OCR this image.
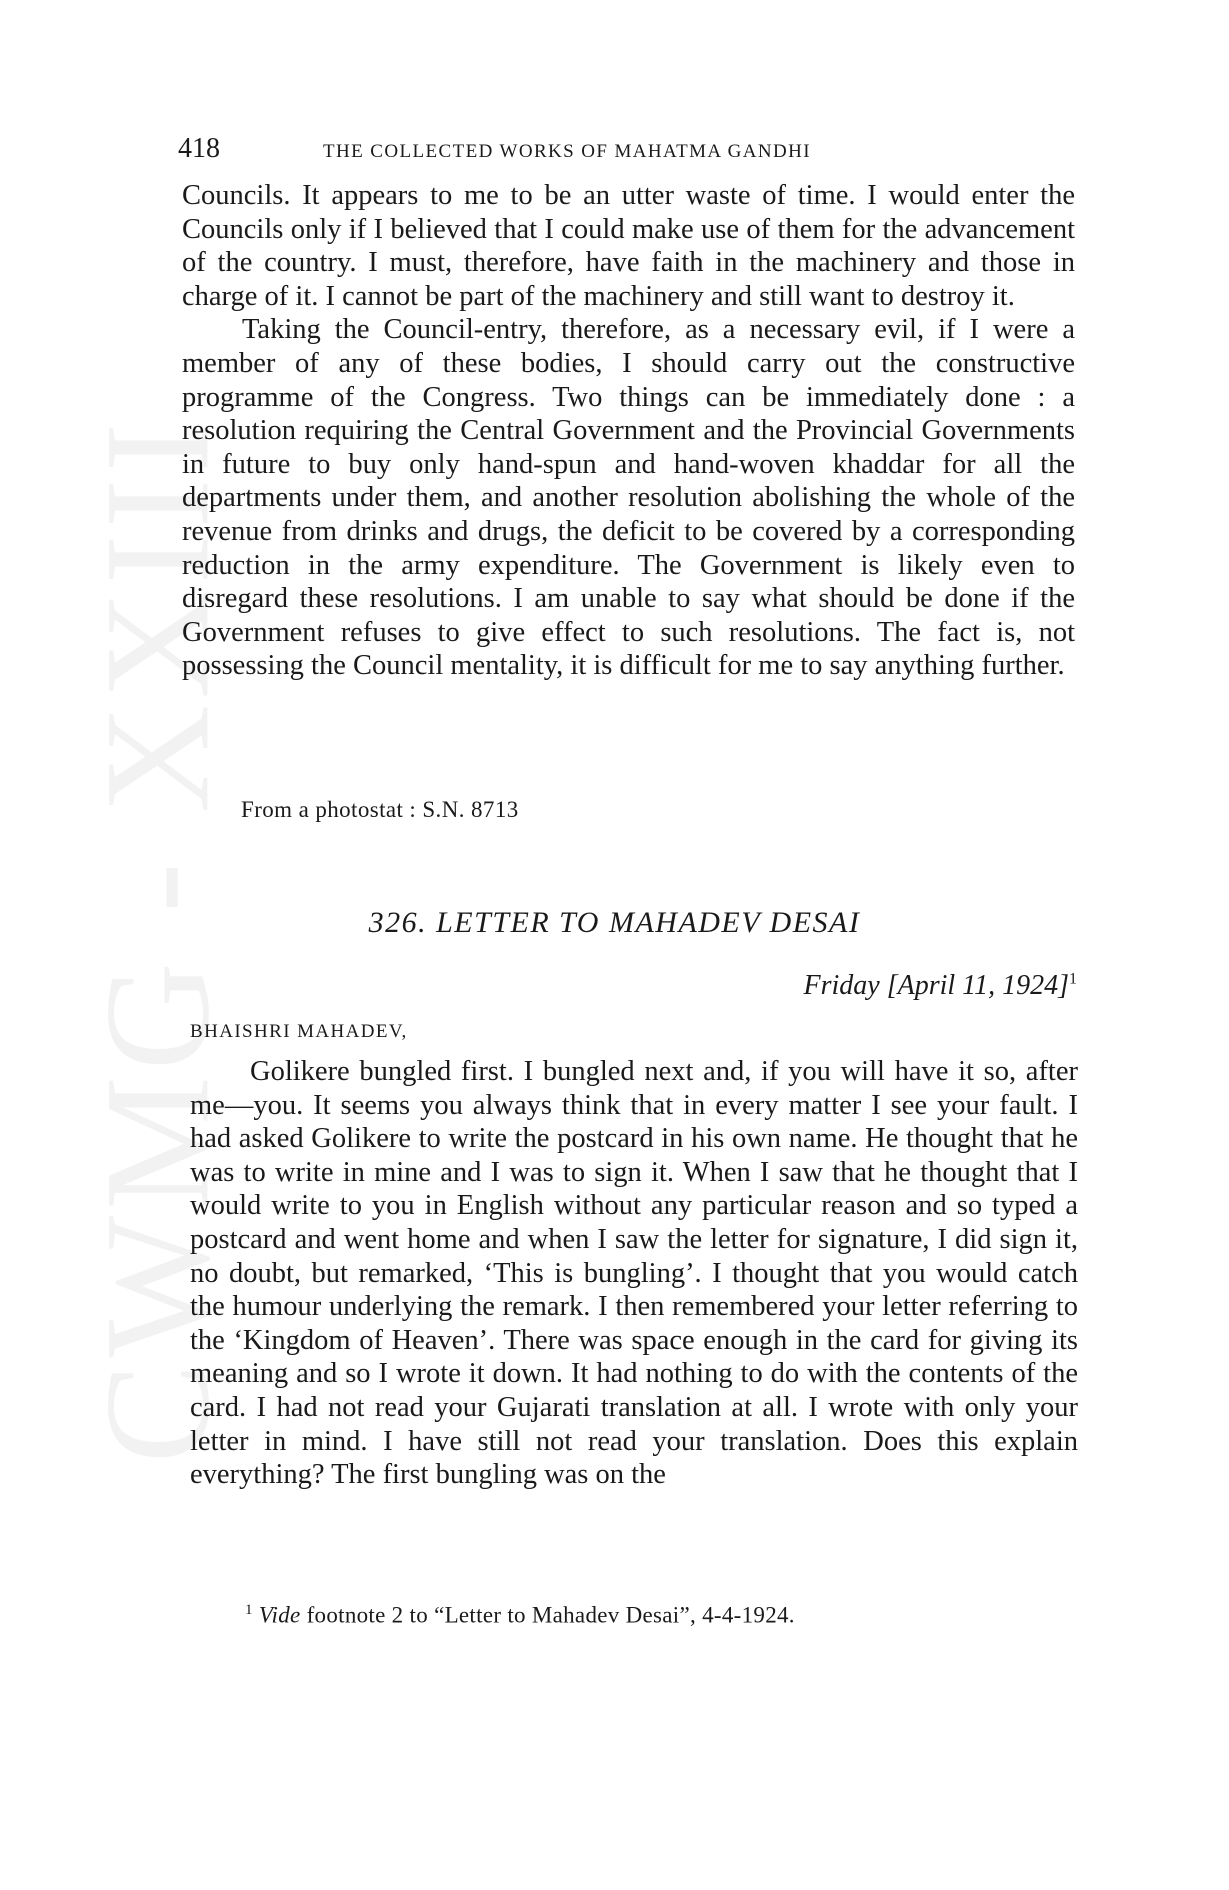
CWMG - XXIII
418	THE COLLECTED WORKS OF MAHATMA GANDHI

Councils. It appears to me to be an utter waste of time. I would enter the Councils only if I believed that I could make use of them for the advancement of the country. I must, therefore, have faith in the machinery and those in charge of it. I cannot be part of the machinery and still want to destroy it.

Taking the Council-entry, therefore, as a necessary evil, if I were a member of any of these bodies, I should carry out the constructive programme of the Congress. Two things can be immediately done : a resolution requiring the Central Government and the Provincial Governments in future to buy only hand-spun and hand-woven khaddar for all the departments under them, and another resolution abolishing the whole of the revenue from drinks and drugs, the deficit to be covered by a corresponding reduction in the army expenditure. The Government is likely even to disregard these resolutions. I am unable to say what should be done if the Government refuses to give effect to such resolutions. The fact is, not possessing the Council mentality, it is difficult for me to say anything further.

From a photostat : S.N. 8713
326. LETTER TO MAHADEV DESAI
Friday [April 11, 1924]$^1$
BHAISHRI MAHADEV,

Golikere bungled first. I bungled next and, if you will have it so, after me—you. It seems you always think that in every matter I see your fault. I had asked Golikere to write the postcard in his own name. He thought that he was to write in mine and I was to sign it. When I saw that he thought that I would write to you in English without any particular reason and so typed a postcard and went home and when I saw the letter for signature, I did sign it, no doubt, but remarked, ‘This is bungling’. I thought that you would catch the humour underlying the remark. I then remembered your letter referring to the ‘Kingdom of Heaven’. There was space enough in the card for giving its meaning and so I wrote it down. It had nothing to do with the contents of the card. I had not read your Gujarati translation at all. I wrote with only your letter in mind. I have still not read your translation. Does this explain everything? The first bungling was on the

$^1$ Vide footnote 2 to “Letter to Mahadev Desai”, 4-4-1924.
